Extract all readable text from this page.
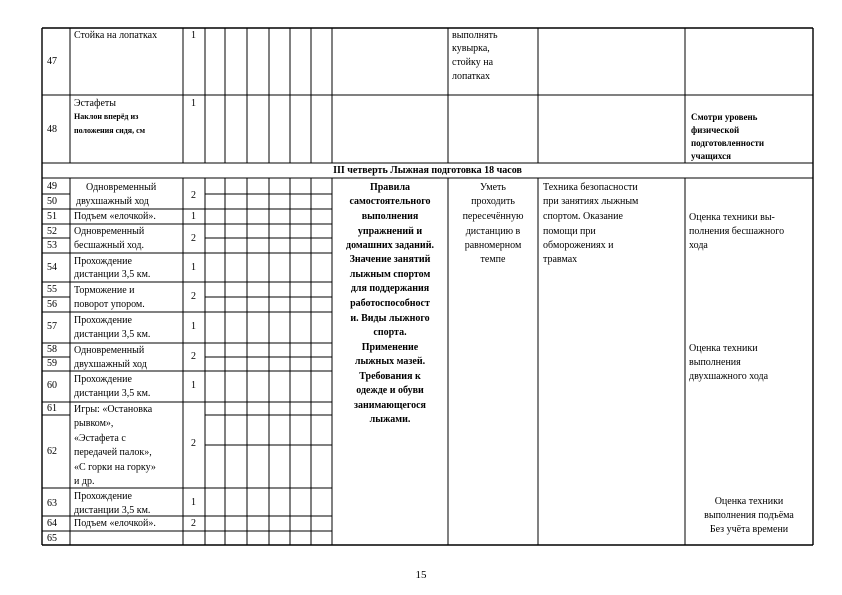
47
Стойка на лопатках	1	выполнять
кувырка,
стойку на
лопатках
48
Эстафеты
Наклон вперёд из
положения сидя, см
1
Смотри уровень
физической
подготовленности
учащихся
III четверть Лыжная подготовка 18 часов
49
50
51
52
53
54
55
56
57
58
59
60
61
62
63
64
65
Одновременный
двухшажный ход
Подъем «елочкой».
Одновременный
бесшажный ход.
Прохождение
дистанции 3,5 км.
Торможение и
поворот упором.
Прохождение
дистанции 3,5 км.
Одновременный
двухшажный ход
Прохождение
дистанции 3,5 км.
Игры: «Остановка
рывком»,
«Эстафета с
передачей палок»,
«С горки на горку»
и др.
Прохождение
дистанции 3,5 км.
Подъем «елочкой».
2
1
2
1
2
1
2
1
2
1
2
Правила
самостоятельного
выполнения
упражнений и
домашних заданий.
Значение занятий
лыжным спортом
для поддержания
работоспособност
и. Виды лыжного
спорта.
Применение
лыжных мазей.
Требования к
одежде и обуви
занимающегося
лыжами.
Уметь
проходить
пересечённую
дистанцию в
равномерном
темпе
Техника безопасности
при занятиях лыжным
спортом. Оказание
помощи при
обморожениях и
травмах
Оценка техники вы-
полнения бесшажного
хода
Оценка техники
выполнения
двухшажного хода
Оценка техники
выполнения подъёма
Без учёта времени
15
